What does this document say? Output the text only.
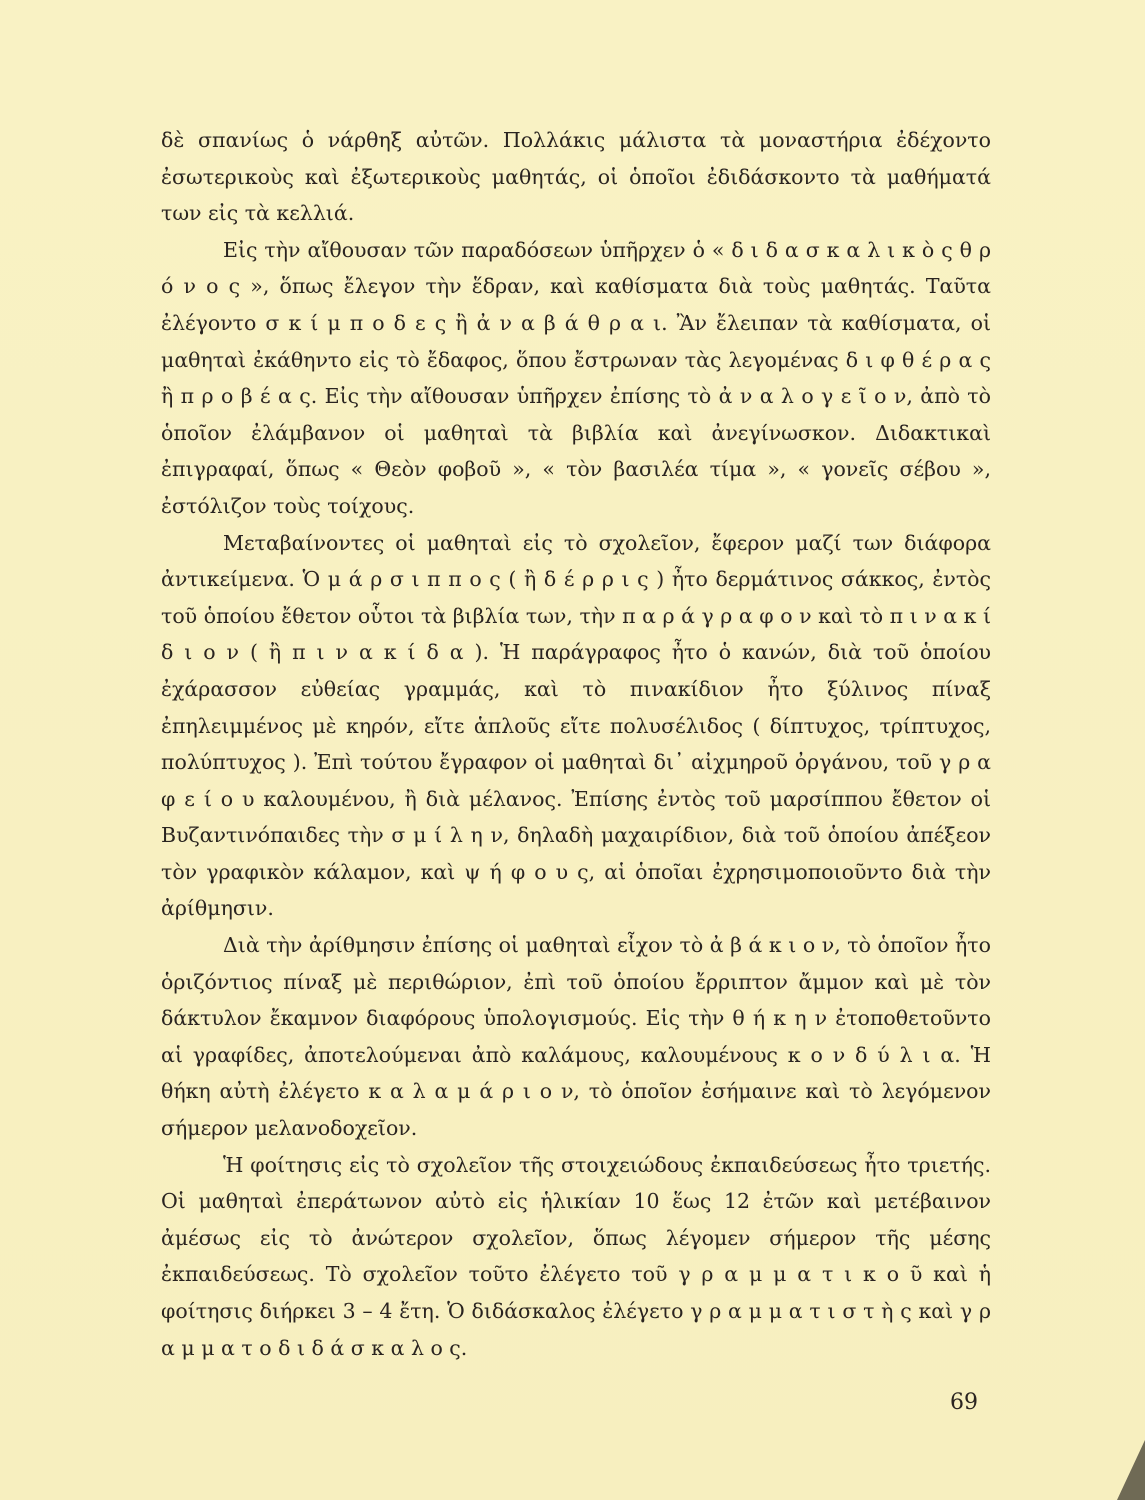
δὲ σπανίως ὁ νάρθηξ αὐτῶν. Πολλάκις μάλιστα τὰ μοναστήρια ἐδέχοντο ἐσωτερικοὺς καὶ ἐξωτερικοὺς μαθητάς, οἱ ὁποῖοι ἐδιδάσκοντο τὰ μαθήματά των εἰς τὰ κελλιά.

Εἰς τὴν αἴθουσαν τῶν παραδόσεων ὑπῆρχεν ὁ « δ ι δ α σ κ α λ ι κ ὸ ς θ ρ ό ν ο ς », ὅπως ἔλεγον τὴν ἕδραν, καὶ καθίσματα διὰ τοὺς μαθητάς. Ταῦτα ἐλέγοντο σ κ ί μ π ο δ ε ς ἢ ἀ ν α β ά θ ρ α ι. Ἂν ἔλειπαν τὰ καθίσματα, οἱ μαθηταὶ ἐκάθηντο εἰς τὸ ἔδαφος, ὅπου ἔστρωναν τὰς λεγομένας δ ι φ θ έ ρ α ς ἢ π ρ ο β έ α ς. Εἰς τὴν αἴθουσαν ὑπῆρχεν ἐπίσης τὸ ἀ ν α λ ο γ ε ῖ ο ν, ἀπὸ τὸ ὁποῖον ἐλάμβανον οἱ μαθηταὶ τὰ βιβλία καὶ ἀνεγίνωσκον. Διδακτικαὶ ἐπιγραφαί, ὅπως « Θεὸν φοβοῦ », « τὸν βασιλέα τίμα », « γονεῖς σέβου », ἐστόλιζον τοὺς τοίχους.

Μεταβαίνοντες οἱ μαθηταὶ εἰς τὸ σχολεῖον, ἔφερον μαζί των διάφορα ἀντικείμενα. Ὁ μ ά ρ σ ι π π ο ς ( ἢ δ έ ρ ρ ι ς ) ἦτο δερμάτινος σάκκος, ἐντὸς τοῦ ὁποίου ἔθετον οὗτοι τὰ βιβλία των, τὴν π α ρ ά γ ρ α φ ο ν καὶ τὸ π ι ν α κ ί δ ι ο ν ( ἢ π ι ν α κ ί δ α ). Ἡ παράγραφος ἦτο ὁ κανών, διὰ τοῦ ὁποίου ἐχάρασσον εὐθείας γραμμάς, καὶ τὸ πινακίδιον ἦτο ξύλινος πίναξ ἐπηλειμμένος μὲ κηρόν, εἴτε ἁπλοῦς εἴτε πολυσέλιδος ( δίπτυχος, τρίπτυχος, πολύπτυχος ). Ἐπὶ τούτου ἔγραφον οἱ μαθηταὶ δι᾽ αἰχμηροῦ ὀργάνου, τοῦ γ ρ α φ ε ί ο υ καλουμένου, ἢ διὰ μέλανος. Ἐπίσης ἐντὸς τοῦ μαρσίππου ἔθετον οἱ Βυζαντινόπαιδες τὴν σ μ ί λ η ν, δηλαδὴ μαχαιρίδιον, διὰ τοῦ ὁποίου ἀπέξεον τὸν γραφικὸν κάλαμον, καὶ ψ ή φ ο υ ς, αἱ ὁποῖαι ἐχρησιμοποιοῦντο διὰ τὴν ἀρίθμησιν.

Διὰ τὴν ἀρίθμησιν ἐπίσης οἱ μαθηταὶ εἶχον τὸ ἀ β ά κ ι ο ν, τὸ ὁποῖον ἦτο ὁριζόντιος πίναξ μὲ περιθώριον, ἐπὶ τοῦ ὁποίου ἔρριπτον ἄμμον καὶ μὲ τὸν δάκτυλον ἔκαμνον διαφόρους ὑπολογισμούς. Εἰς τὴν θ ή κ η ν ἐτοποθετοῦντο αἱ γραφίδες, ἀποτελούμεναι ἀπὸ καλάμους, καλουμένους κ ο ν δ ύ λ ι α. Ἡ θήκη αὐτὴ ἐλέγετο κ α λ α μ ά ρ ι ο ν, τὸ ὁποῖον ἐσήμαινε καὶ τὸ λεγόμενον σήμερον μελανοδοχεῖον.

Ἡ φοίτησις εἰς τὸ σχολεῖον τῆς στοιχειώδους ἐκπαιδεύσεως ἦτο τριετής. Οἱ μαθηταὶ ἐπεράτωνον αὐτὸ εἰς ἡλικίαν 10 ἕως 12 ἐτῶν καὶ μετέβαινον ἀμέσως εἰς τὸ ἀνώτερον σχολεῖον, ὅπως λέγομεν σήμερον τῆς μέσης ἐκπαιδεύσεως. Τὸ σχολεῖον τοῦτο ἐλέγετο τοῦ γ ρ α μ μ α τ ι κ ο ῦ καὶ ἡ φοίτησις διήρκει 3 – 4 ἔτη. Ὁ διδάσκαλος ἐλέγετο γ ρ α μ μ α τ ι σ τ ὴ ς καὶ γ ρ α μ μ α τ ο δ ι δ ά σ κ α λ ο ς.

69
